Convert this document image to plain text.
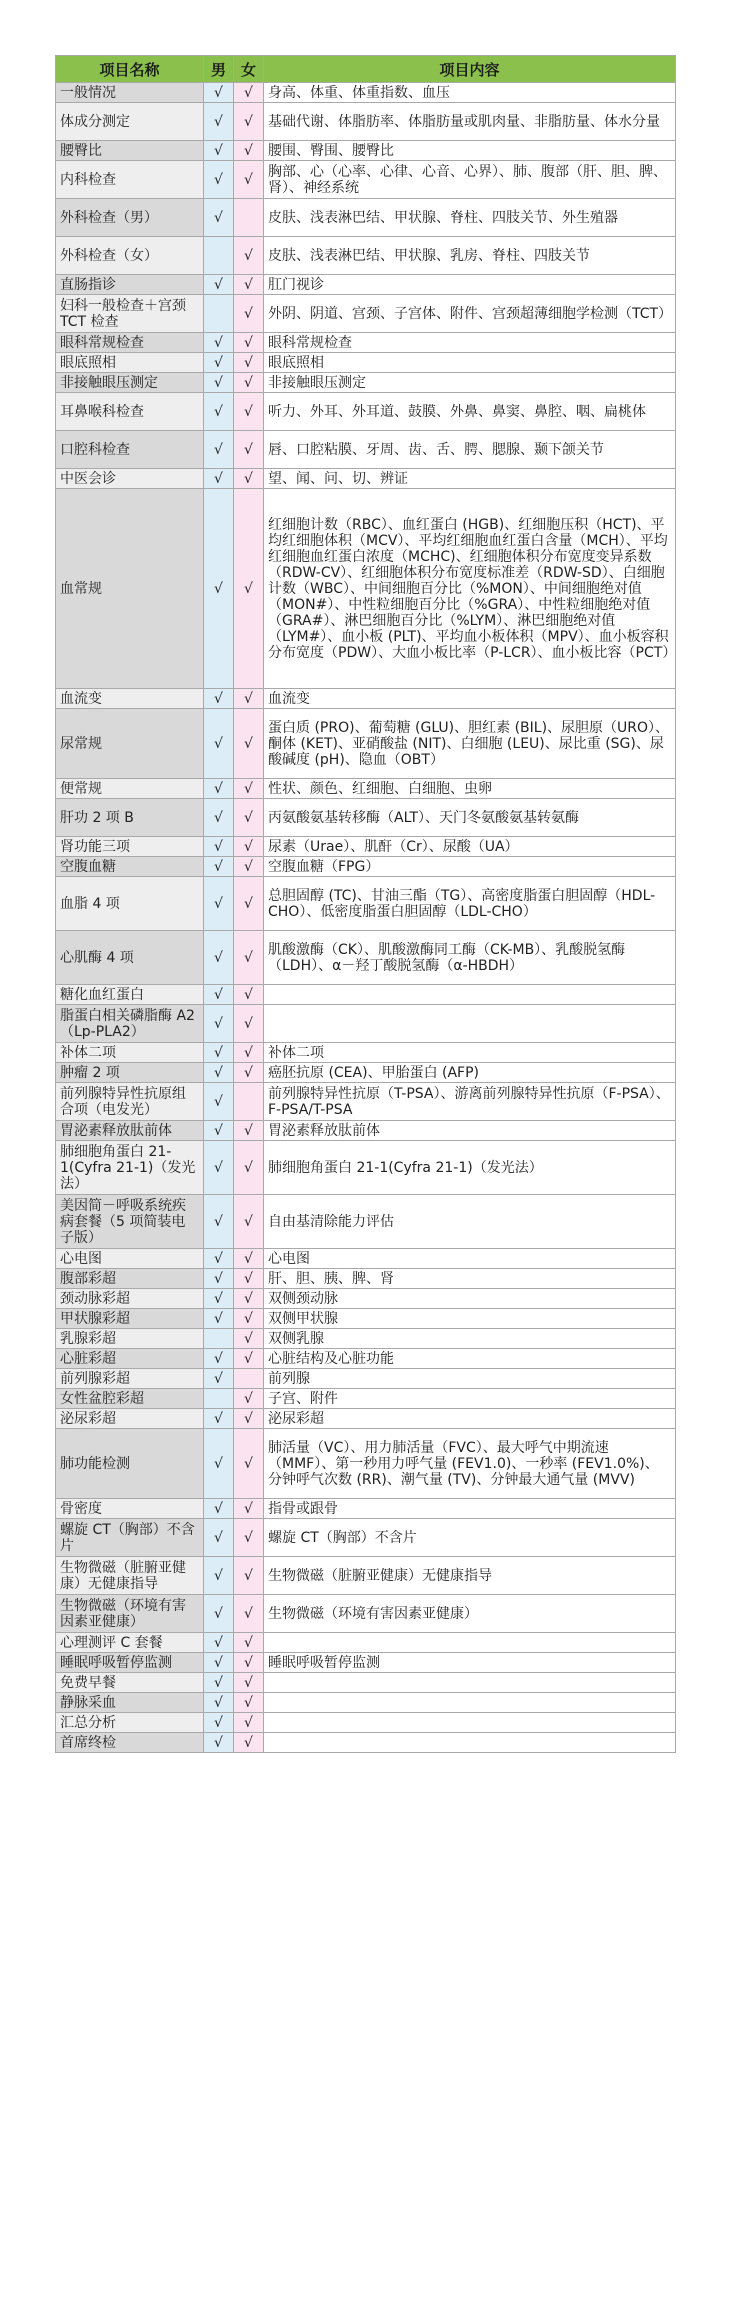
项目名称	男	女	项目内容
一般情况	√	√	身高、体重、体重指数、血压
体成分测定	√	√	基础代谢、体脂肪率、体脂肪量或肌肉量、非脂肪量、体水分量
腰臀比	√	√	腰围、臀围、腰臀比
内科检查	√	√	胸部、心（心率、心律、心音、心界）、肺、腹部（肝、胆、脾、肾）、神经系统
外科检查（男）	√		皮肤、浅表淋巴结、甲状腺、脊柱、四肢关节、外生殖器
外科检查（女）		√	皮肤、浅表淋巴结、甲状腺、乳房、脊柱、四肢关节
直肠指诊	√	√	肛门视诊
妇科一般检查＋宫颈 TCT 检查		√	外阴、阴道、宫颈、子宫体、附件、宫颈超薄细胞学检测（TCT）
眼科常规检查	√	√	眼科常规检查
眼底照相	√	√	眼底照相
非接触眼压测定	√	√	非接触眼压测定
耳鼻喉科检查	√	√	听力、外耳、外耳道、鼓膜、外鼻、鼻窦、鼻腔、咽、扁桃体
口腔科检查	√	√	唇、口腔粘膜、牙周、齿、舌、腭、腮腺、颞下颌关节
中医会诊	√	√	望、闻、问、切、辨证
血常规	√	√	红细胞计数（RBC）、血红蛋白 (HGB)、红细胞压积（HCT)、平均红细胞体积（MCV）、平均红细胞血红蛋白含量（MCH）、平均红细胞血红蛋白浓度（MCHC)、红细胞体积分布宽度变异系数（RDW-CV）、红细胞体积分布宽度标准差（RDW-SD）、白细胞计数（WBC）、中间细胞百分比（%MON）、中间细胞绝对值（MON#）、中性粒细胞百分比（%GRA）、中性粒细胞绝对值（GRA#）、淋巴细胞百分比（%LYM）、淋巴细胞绝对值（LYM#）、血小板 (PLT)、平均血小板体积（MPV）、血小板容积分布宽度（PDW）、大血小板比率（P-LCR）、血小板比容（PCT）
血流变	√	√	血流变
尿常规	√	√	蛋白质 (PRO)、葡萄糖 (GLU)、胆红素 (BIL)、尿胆原（URO）、酮体 (KET)、亚硝酸盐 (NIT)、白细胞 (LEU)、尿比重 (SG)、尿酸碱度 (pH)、隐血（OBT）
便常规	√	√	性状、颜色、红细胞、白细胞、虫卵
肝功 2 项 B	√	√	丙氨酸氨基转移酶（ALT）、天门冬氨酸氨基转氨酶
肾功能三项	√	√	尿素（Urae）、肌酐（Cr）、尿酸（UA）
空腹血糖	√	√	空腹血糖（FPG）
血脂 4 项	√	√	总胆固醇 (TC)、甘油三酯（TG）、高密度脂蛋白胆固醇（HDL-CHO）、低密度脂蛋白胆固醇（LDL-CHO）
心肌酶 4 项	√	√	肌酸激酶（CK）、肌酸激酶同工酶（CK-MB）、乳酸脱氢酶（LDH）、α－羟丁酸脱氢酶（α-HBDH）
糖化血红蛋白	√	√	
脂蛋白相关磷脂酶 A2（Lp-PLA2）	√	√	
补体二项	√	√	补体二项
肿瘤 2 项	√	√	癌胚抗原 (CEA)、甲胎蛋白 (AFP)
前列腺特异性抗原组合项（电发光）	√		前列腺特异性抗原（T-PSA）、游离前列腺特异性抗原（F-PSA）、F-PSA/T-PSA
胃泌素释放肽前体	√	√	胃泌素释放肽前体
肺细胞角蛋白 21-1(Cyfra 21-1)（发光法）	√	√	肺细胞角蛋白 21-1(Cyfra 21-1)（发光法）
美因简－呼吸系统疾病套餐（5 项简装电子版）	√	√	自由基清除能力评估
心电图	√	√	心电图
腹部彩超	√	√	肝、胆、胰、脾、肾
颈动脉彩超	√	√	双侧颈动脉
甲状腺彩超	√	√	双侧甲状腺
乳腺彩超		√	双侧乳腺
心脏彩超	√	√	心脏结构及心脏功能
前列腺彩超	√		前列腺
女性盆腔彩超		√	子宫、附件
泌尿彩超	√	√	泌尿彩超
肺功能检测	√	√	肺活量（VC）、用力肺活量（FVC）、最大呼气中期流速（MMF）、第一秒用力呼气量 (FEV1.0)、一秒率 (FEV1.0%)、分钟呼气次数 (RR)、潮气量 (TV)、分钟最大通气量 (MVV)
骨密度	√	√	指骨或跟骨
螺旋 CT（胸部）不含片	√	√	螺旋 CT（胸部）不含片
生物微磁（脏腑亚健康）无健康指导	√	√	生物微磁（脏腑亚健康）无健康指导
生物微磁（环境有害因素亚健康）	√	√	生物微磁（环境有害因素亚健康）
心理测评 C 套餐	√	√	
睡眠呼吸暂停监测	√	√	睡眠呼吸暂停监测
免费早餐	√	√	
静脉采血	√	√	
汇总分析	√	√	
首席终检	√	√	
